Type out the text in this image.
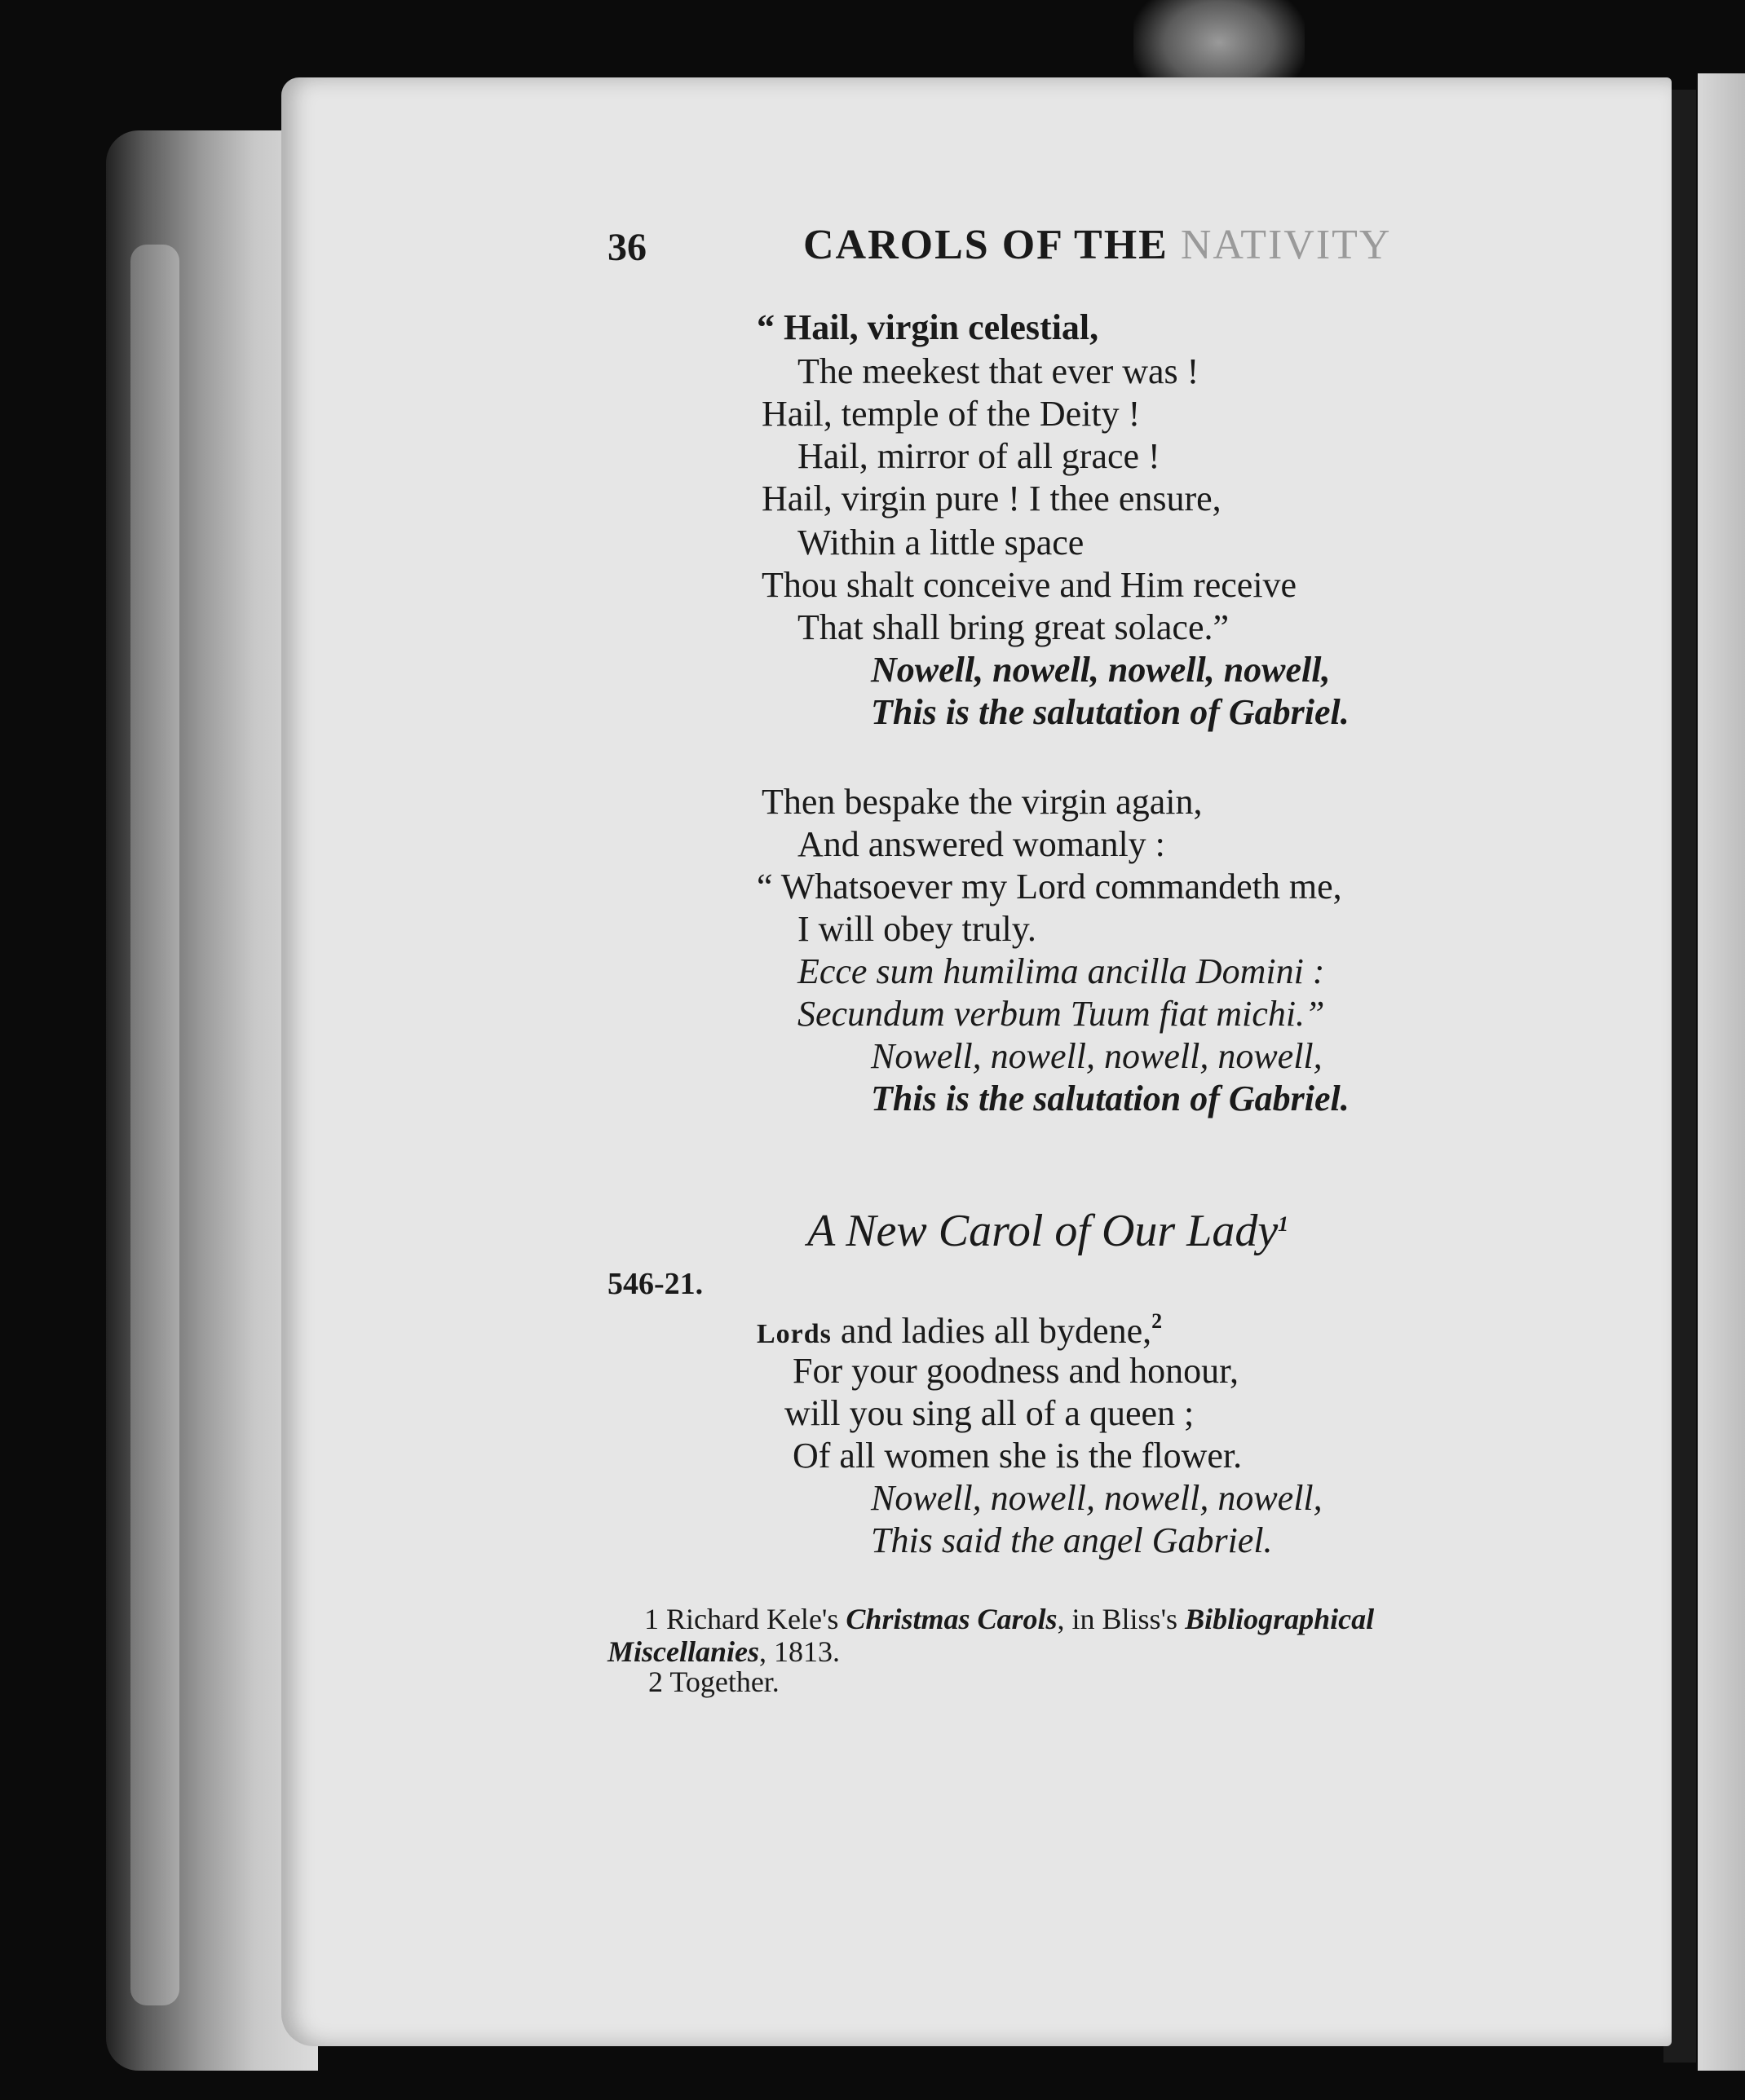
36	CAROLS OF THE NATIVITY
“ Hail, virgin celestial,
The meekest that ever was !
Hail, temple of the Deity !
Hail, mirror of all grace !
Hail, virgin pure ! I thee ensure,
Within a little space
Thou shalt conceive and Him receive
That shall bring great solace.”
Nowell, nowell, nowell, nowell,
This is the salutation of Gabriel.
Then bespake the virgin again,
And answered womanly :
“ Whatsoever my Lord commandeth me,
I will obey truly.
Ecce sum humilima ancilla Domini :
Secundum verbum Tuum fiat michi.”
Nowell, nowell, nowell, nowell,
This is the salutation of Gabriel.
A New Carol of Our Lady$^1$
546-21.
Lords and ladies all bydene,$^2$
For your goodness and honour,
will you sing all of a queen ;
Of all women she is the flower.
Nowell, nowell, nowell, nowell,
This said the angel Gabriel.
1 Richard Kele's Christmas Carols, in Bliss's Bibliographical
Miscellanies, 1813.
2 Together.
